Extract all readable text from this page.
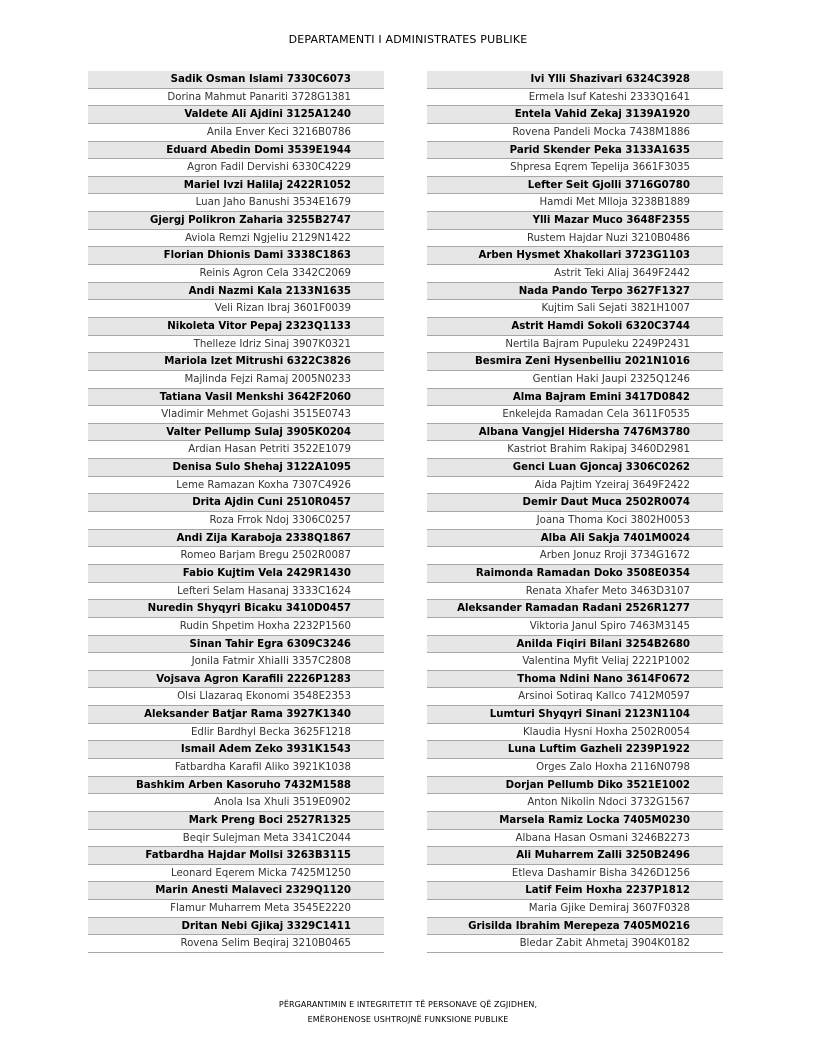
DEPARTAMENTI I ADMINISTRATES PUBLIKE
Sadik Osman Islami 7330C6073
Dorina Mahmut Panariti 3728G1381
Valdete Ali Ajdini 3125A1240
Anila Enver Keci 3216B0786
Eduard Abedin Domi 3539E1944
Agron Fadil Dervishi 6330C4229
Mariel Ivzi Halilaj 2422R1052
Luan Jaho Banushi 3534E1679
Gjergj Polikron Zaharia 3255B2747
Aviola Remzi Ngjeliu 2129N1422
Florian Dhionis Dami 3338C1863
Reinis Agron Cela 3342C2069
Andi Nazmi Kala 2133N1635
Veli Rizan Ibraj 3601F0039
Nikoleta Vitor Pepaj 2323Q1133
Thelleze Idriz Sinaj 3907K0321
Mariola Izet Mitrushi 6322C3826
Majlinda Fejzi Ramaj 2005N0233
Tatiana Vasil Menkshi 3642F2060
Vladimir Mehmet Gojashi 3515E0743
Valter Pellump Sulaj 3905K0204
Ardian Hasan Petriti 3522E1079
Denisa Sulo Shehaj 3122A1095
Leme Ramazan Koxha 7307C4926
Drita Ajdin Cuni 2510R0457
Roza Frrok Ndoj 3306C0257
Andi Zija Karaboja 2338Q1867
Romeo Barjam Bregu 2502R0087
Fabio Kujtim Vela 2429R1430
Lefteri Selam Hasanaj 3333C1624
Nuredin Shyqyri Bicaku 3410D0457
Rudin Shpetim Hoxha 2232P1560
Sinan Tahir Egra 6309C3246
Jonila Fatmir Xhialli 3357C2808
Vojsava Agron Karafili 2226P1283
Olsi Llazaraq Ekonomi 3548E2353
Aleksander Batjar Rama 3927K1340
Edlir Bardhyl Becka 3625F1218
Ismail Adem Zeko 3931K1543
Fatbardha Karafil Aliko 3921K1038
Bashkim Arben Kasoruho 7432M1588
Anola Isa Xhuli 3519E0902
Mark Preng Boci 2527R1325
Beqir Sulejman Meta 3341C2044
Fatbardha Hajdar Mollsi 3263B3115
Leonard Eqerem Micka 7425M1250
Marin Anesti Malaveci 2329Q1120
Flamur Muharrem Meta 3545E2220
Dritan Nebi Gjikaj 3329C1411
Rovena Selim Beqiraj 3210B0465
Ivi Ylli Shazivari 6324C3928
Ermela Isuf Kateshi 2333Q1641
Entela Vahid Zekaj 3139A1920
Rovena Pandeli Mocka 7438M1886
Parid Skender Peka 3133A1635
Shpresa Eqrem Tepelija 3661F3035
Lefter Seit Gjolli 3716G0780
Hamdi Met Mlloja 3238B1889
Ylli Mazar Muco 3648F2355
Rustem Hajdar Nuzi 3210B0486
Arben Hysmet Xhakollari 3723G1103
Astrit Teki Aliaj 3649F2442
Nada Pando Terpo 3627F1327
Kujtim Sali Sejati 3821H1007
Astrit Hamdi Sokoli 6320C3744
Nertila Bajram Pupuleku 2249P2431
Besmira Zeni Hysenbelliu 2021N1016
Gentian Haki Jaupi 2325Q1246
Alma Bajram Emini 3417D0842
Enkelejda Ramadan Cela 3611F0535
Albana Vangjel Hidersha 7476M3780
Kastriot Brahim Rakipaj 3460D2981
Genci Luan Gjoncaj 3306C0262
Aida Pajtim Yzeiraj 3649F2422
Demir Daut Muca 2502R0074
Joana Thoma Koci 3802H0053
Alba Ali Sakja 7401M0024
Arben Jonuz Rroji 3734G1672
Raimonda Ramadan Doko 3508E0354
Renata Xhafer Meto 3463D3107
Aleksander Ramadan Radani 2526R1277
Viktoria Janul Spiro 7463M3145
Anilda Fiqiri Bilani 3254B2680
Valentina Myfit Veliaj 2221P1002
Thoma Ndini Nano 3614F0672
Arsinoi Sotiraq Kallco 7412M0597
Lumturi Shyqyri Sinani 2123N1104
Klaudia Hysni Hoxha 2502R0054
Luna Luftim Gazheli 2239P1922
Orges Zalo Hoxha 2116N0798
Dorjan Pellumb Diko 3521E1002
Anton Nikolin Ndoci 3732G1567
Marsela Ramiz Locka 7405M0230
Albana Hasan Osmani 3246B2273
Ali Muharrem Zalli 3250B2496
Etleva Dashamir Bisha 3426D1256
Latif Feim Hoxha 2237P1812
Maria Gjike Demiraj 3607F0328
Grisilda Ibrahim Merepeza 7405M0216
Bledar Zabit Ahmetaj 3904K0182
PËRGARANTIMIN E INTEGRITETIT TË PERSONAVE QË ZGJIDHEN,
EMËROHENOSE USHTROJNË FUNKSIONE PUBLIKE
